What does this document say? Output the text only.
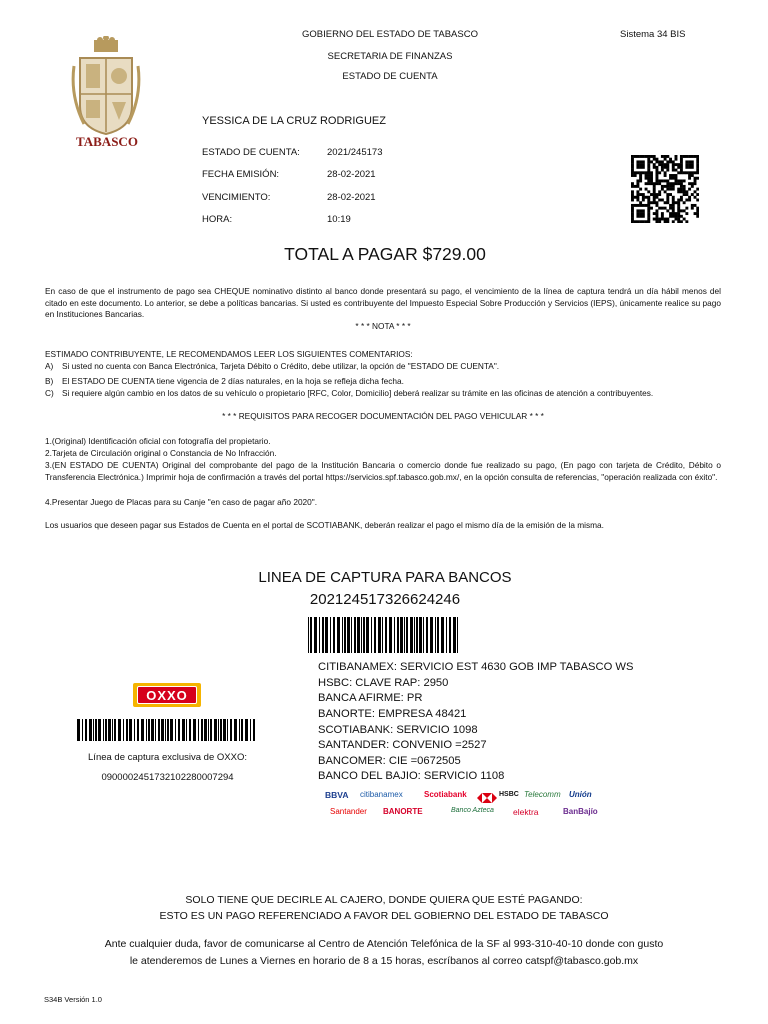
TABASCO
GOBIERNO DEL ESTADO DE TABASCO
SECRETARIA DE FINANZAS
ESTADO DE CUENTA
Sistema 34 BIS
YESSICA DE LA CRUZ RODRIGUEZ
ESTADO DE CUENTA:	2021/245173
FECHA EMISIÓN:	28-02-2021
VENCIMIENTO:	28-02-2021
HORA:	10:19
TOTAL A PAGAR $729.00
En caso de que el instrumento de pago sea CHEQUE nominativo distinto al banco donde presentará su pago, el vencimiento de la línea de captura tendrá un día hábil menos del citado en este documento. Lo anterior, se debe a políticas bancarias. Si usted es contribuyente del Impuesto Especial Sobre Producción y Servicios (IEPS), únicamente realice su pago en Instituciones Bancarias.
* * * NOTA * * *
ESTIMADO CONTRIBUYENTE, LE RECOMENDAMOS LEER LOS SIGUIENTES COMENTARIOS:
A) Si usted no cuenta con Banca Electrónica, Tarjeta Débito o Crédito, debe utilizar, la opción de "ESTADO DE CUENTA".
B) El ESTADO DE CUENTA tiene vigencia de 2 días naturales, en la hoja se refleja dicha fecha.
C) Si requiere algún cambio en los datos de su vehículo o propietario [RFC, Color, Domicilio] deberá realizar su trámite en las oficinas de atención a contribuyentes.
* * * REQUISITOS PARA RECOGER DOCUMENTACIÓN DEL PAGO VEHICULAR * * *
1.(Original) Identificación oficial con fotografía del propietario.
2.Tarjeta de Circulación original o Constancia de No Infracción.
3.(EN ESTADO DE CUENTA) Original del comprobante del pago de la Institución Bancaria o comercio donde fue realizado su pago, (En pago con tarjeta de Crédito, Débito o Transferencia Electrónica.) Imprimir hoja de confirmación a través del portal https://servicios.spf.tabasco.gob.mx/, en la opción consulta de referencias, "operación realizada con éxito".
4.Presentar Juego de Placas para su Canje "en caso de pagar año 2020".
Los usuarios que deseen pagar sus Estados de Cuenta en el portal de SCOTIABANK, deberán realizar el pago el mismo día de la emisión de la misma.
LINEA DE CAPTURA PARA BANCOS
202124517326624246
OXXO
Línea de captura exclusiva de OXXO:
09000024517321022800072​94
CITIBANAMEX: SERVICIO EST 4630 GOB IMP TABASCO WS
HSBC: CLAVE RAP: 2950
BANCA AFIRME: PR
BANORTE: EMPRESA 48421
SCOTIABANK: SERVICIO 1098
SANTANDER: CONVENIO =2527
BANCOMER: CIE =0672505
BANCO DEL BAJIO: SERVICIO 1108
BBVA citibanamex	Scotiabank	HSBC Telecomm Unión
Santander BANORTE	Banco Azteca elektra	BanBajío
SOLO TIENE QUE DECIRLE AL CAJERO, DONDE QUIERA QUE ESTÉ PAGANDO:
ESTO ES UN PAGO REFERENCIADO A FAVOR DEL GOBIERNO DEL ESTADO DE TABASCO
Ante cualquier duda, favor de comunicarse al Centro de Atención Telefónica de la SF al 993-310-40-10 donde con gusto
le atenderemos de Lunes a Viernes en horario de 8 a 15 horas, escríbanos al correo catspf@tabasco.gob.mx
S34B Versión 1.0
